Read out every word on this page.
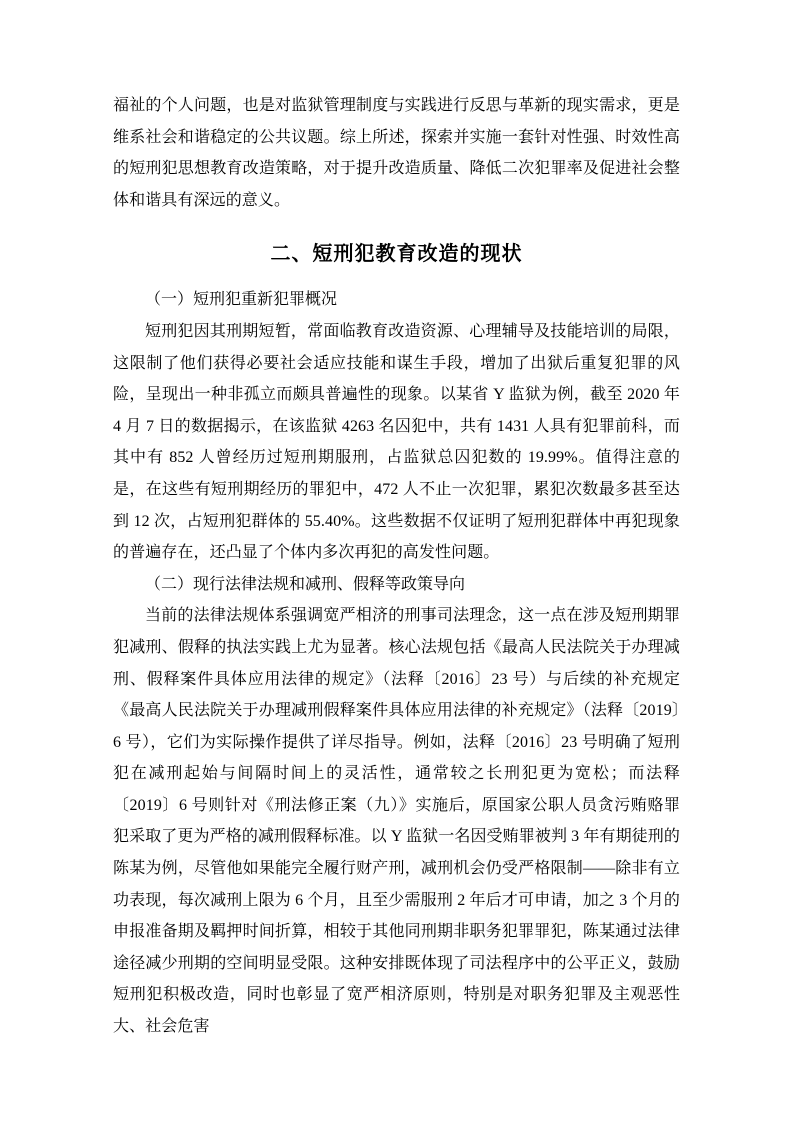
福祉的个人问题，也是对监狱管理制度与实践进行反思与革新的现实需求，更是维系社会和谐稳定的公共议题。综上所述，探索并实施一套针对性强、时效性高的短刑犯思想教育改造策略，对于提升改造质量、降低二次犯罪率及促进社会整体和谐具有深远的意义。

二、短刑犯教育改造的现状
（一）短刑犯重新犯罪概况

短刑犯因其刑期短暂，常面临教育改造资源、心理辅导及技能培训的局限，这限制了他们获得必要社会适应技能和谋生手段，增加了出狱后重复犯罪的风险，呈现出一种非孤立而颇具普遍性的现象。以某省 Y 监狱为例，截至 2020 年 4 月 7 日的数据揭示，在该监狱 4263 名囚犯中，共有 1431 人具有犯罪前科，而其中有 852 人曾经历过短刑期服刑，占监狱总囚犯数的 19.99%。值得注意的是，在这些有短刑期经历的罪犯中，472 人不止一次犯罪，累犯次数最多甚至达到 12 次，占短刑犯群体的 55.40%。这些数据不仅证明了短刑犯群体中再犯现象的普遍存在，还凸显了个体内多次再犯的高发性问题。

（二）现行法律法规和减刑、假释等政策导向

当前的法律法规体系强调宽严相济的刑事司法理念，这一点在涉及短刑期罪犯减刑、假释的执法实践上尤为显著。核心法规包括《最高人民法院关于办理减刑、假释案件具体应用法律的规定》（法释〔2016〕23 号）与后续的补充规定《最高人民法院关于办理减刑假释案件具体应用法律的补充规定》（法释〔2019〕6 号），它们为实际操作提供了详尽指导。例如，法释〔2016〕23 号明确了短刑犯在减刑起始与间隔时间上的灵活性，通常较之长刑犯更为宽松；而法释〔2019〕6 号则针对《刑法修正案（九）》实施后，原国家公职人员贪污贿赂罪犯采取了更为严格的减刑假释标准。以 Y 监狱一名因受贿罪被判 3 年有期徒刑的陈某为例，尽管他如果能完全履行财产刑，减刑机会仍受严格限制——除非有立功表现，每次减刑上限为 6 个月，且至少需服刑 2 年后才可申请，加之 3 个月的申报准备期及羁押时间折算，相较于其他同刑期非职务犯罪罪犯，陈某通过法律途径减少刑期的空间明显受限。这种安排既体现了司法程序中的公平正义，鼓励短刑犯积极改造，同时也彰显了宽严相济原则，特别是对职务犯罪及主观恶性大、社会危害
